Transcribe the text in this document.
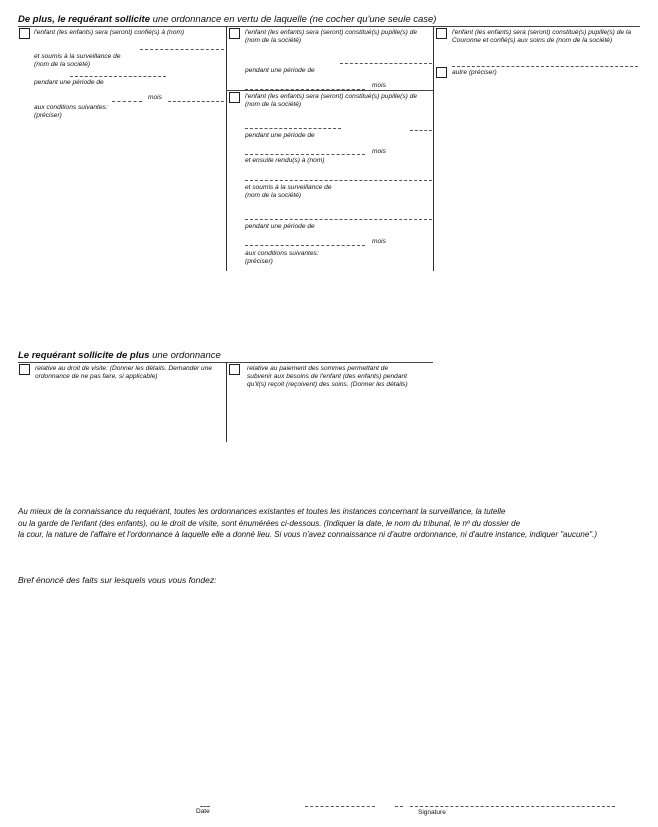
De plus, le requérant sollicite une ordonnance en vertu de laquelle (ne cocher qu'une seule case)
l'enfant (les enfants) sera (seront) confié(s) à (nom)
et soumis à la surveillance de
(nom de la société)
pendant une période de
mois
aux conditions suivantes:
(préciser)
l'enfant (les enfants) sera (seront) constitué(s) pupille(s) de (nom de la société)
pendant une période de
mois
l'enfant (les enfants) sera (seront) constitué(s) pupille(s) de (nom de la société)
pendant une période de
mois
et ensuite rendu(s) à (nom)
et soumis à la surveillance de
(nom de la société)
pendant une période de
mois
aux conditions suivantes:
(préciser)
l'enfant (les enfants) sera (seront) constitué(s) pupille(s) de la Couronne et confié(s) aux soins de (nom de la société)
autre (préciser)
Le requérant sollicite de plus une ordonnance
relative au droit de visite: (Donner les détails. Demander une ordonnance de ne pas faire, si applicable)
relative au paiement des sommes permettant de subvenir aux besoins de l'enfant (des enfants) pendant qu'il(s) reçoit (reçoivent) des soins. (Donner les détails)
Au mieux de la connaissance du requérant, toutes les ordonnances existantes et toutes les instances concernant la surveillance, la tutelle
ou la garde de l'enfant (des enfants), ou le droit de visite, sont énumérées ci-dessous. (Indiquer la date, le nom du tribunal, le nº du dossier de
la cour, la nature de l'affaire et l'ordonnance à laquelle elle a donné lieu. Si vous n'avez connaissance ni d'autre ordonnance, ni d'autre instance, indiquer "aucune".)
Bref énoncé des faits sur lesquels vous vous fondez:
Date	Signature
